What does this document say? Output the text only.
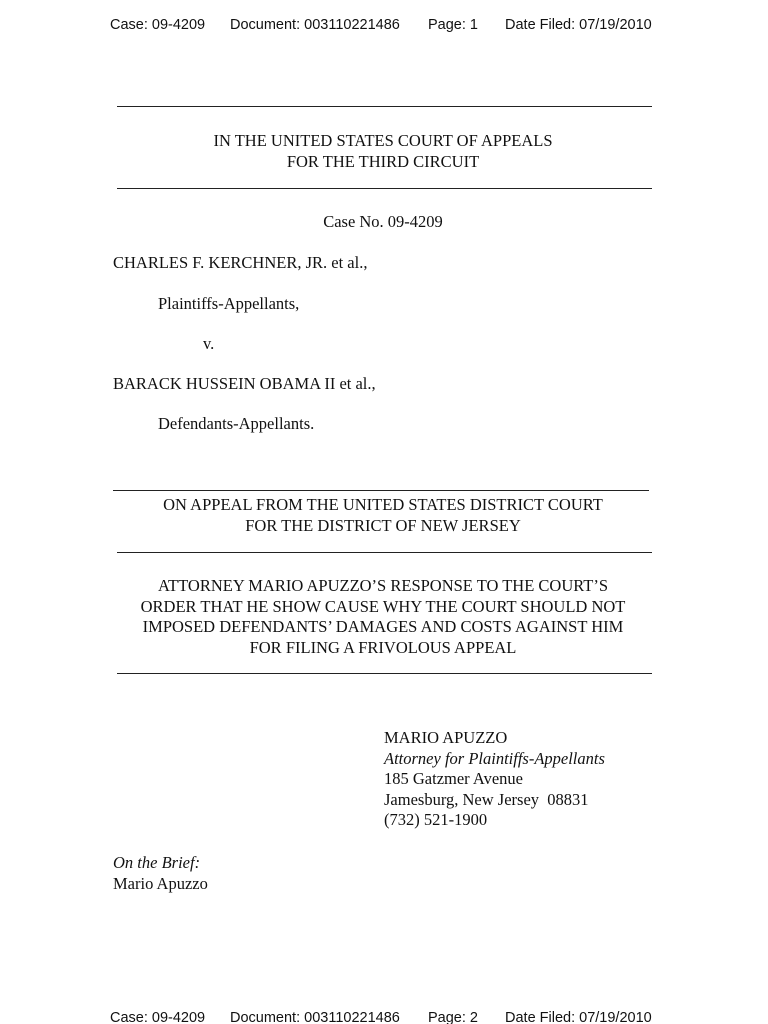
Case: 09-4209 Document: 003110221486 Page: 1 Date Filed: 07/19/2010
IN THE UNITED STATES COURT OF APPEALS
FOR THE THIRD CIRCUIT
Case No. 09-4209
CHARLES F. KERCHNER, JR. et al.,
Plaintiffs-Appellants,
v.
BARACK HUSSEIN OBAMA II et al.,
Defendants-Appellants.
ON APPEAL FROM THE UNITED STATES DISTRICT COURT
FOR THE DISTRICT OF NEW JERSEY
ATTORNEY MARIO APUZZO’S RESPONSE TO THE COURT’S
ORDER THAT HE SHOW CAUSE WHY THE COURT SHOULD NOT
IMPOSED DEFENDANTS’ DAMAGES AND COSTS AGAINST HIM
FOR FILING A FRIVOLOUS APPEAL
MARIO APUZZO
Attorney for Plaintiffs-Appellants
185 Gatzmer Avenue
Jamesburg, New Jersey  08831
(732) 521-1900
On the Brief:
Mario Apuzzo
Case: 09-4209 Document: 003110221486 Page: 2 Date Filed: 07/19/2010
